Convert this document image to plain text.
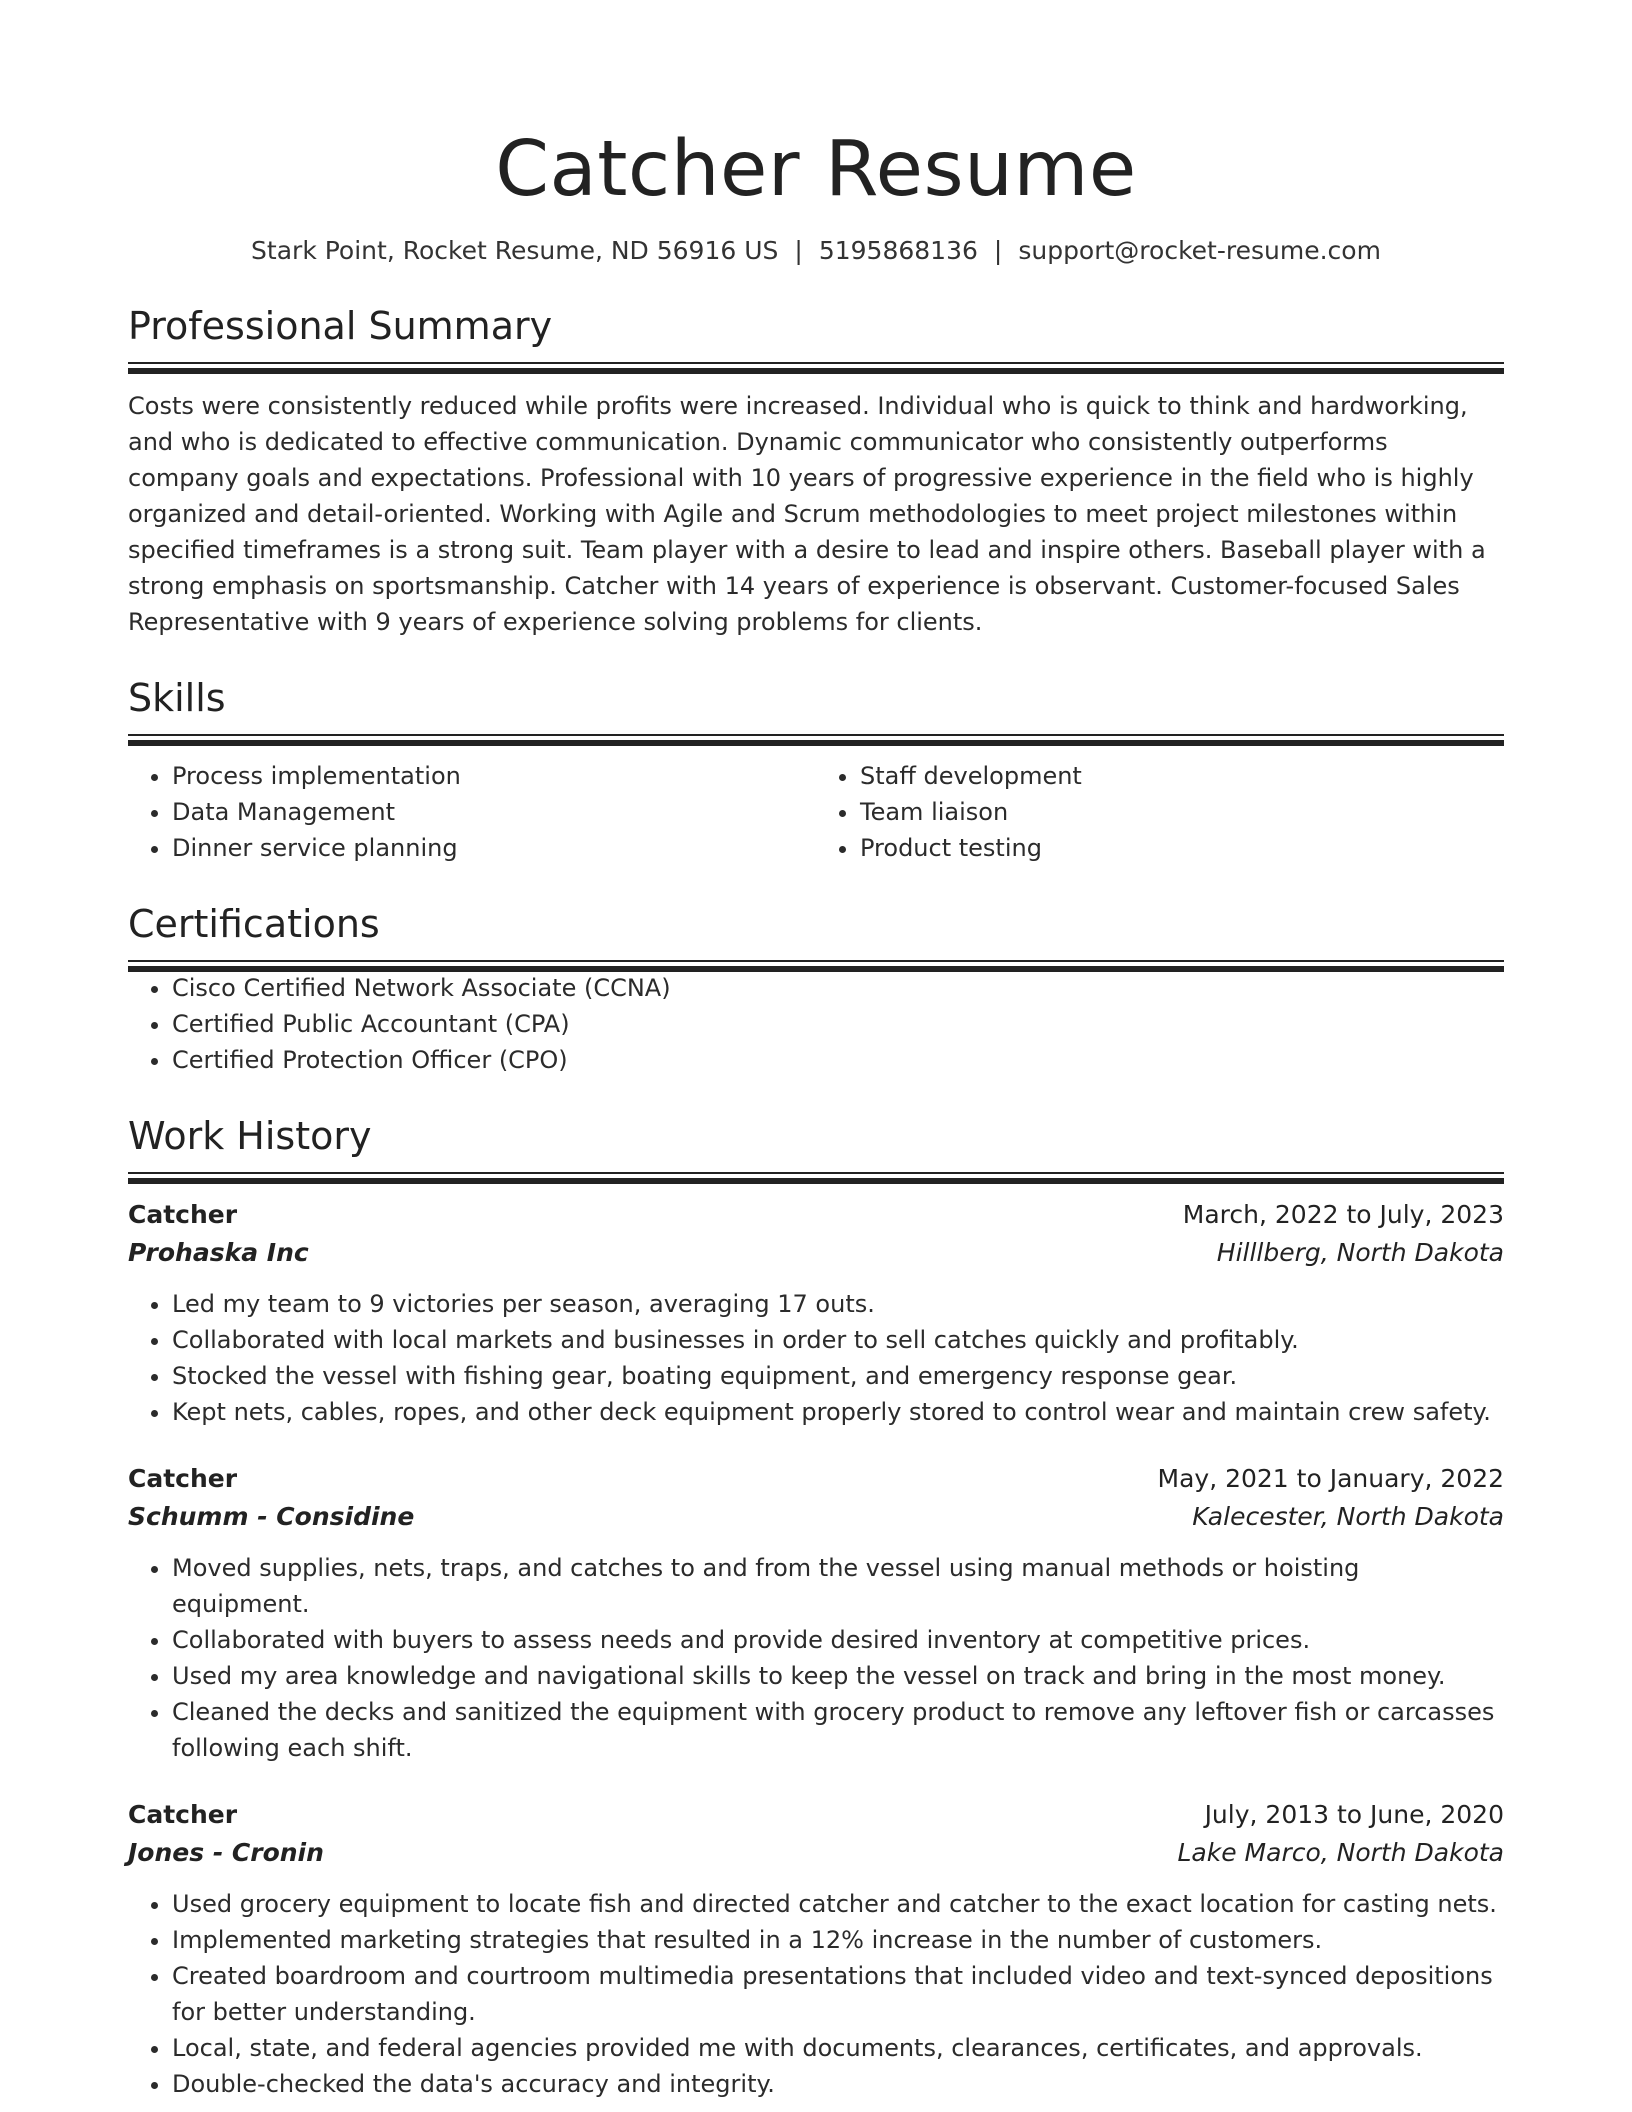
Catcher Resume
Stark Point, Rocket Resume, ND 56916 US | 5195868136 | support@rocket-resume.com
Professional Summary

Costs were consistently reduced while profits were increased. Individual who is quick to think and hardworking, and who is dedicated to effective communication. Dynamic communicator who consistently outperforms company goals and expectations. Professional with 10 years of progressive experience in the field who is highly organized and detail-oriented. Working with Agile and Scrum methodologies to meet project milestones within specified timeframes is a strong suit. Team player with a desire to lead and inspire others. Baseball player with a strong emphasis on sportsmanship. Catcher with 14 years of experience is observant. Customer-focused Sales Representative with 9 years of experience solving problems for clients.

Skills
• Process implementation
• Data Management
• Dinner service planning
• Staff development
• Team liaison
• Product testing
Certifications
• Cisco Certified Network Associate (CCNA)
• Certified Public Accountant (CPA)
• Certified Protection Officer (CPO)
Work History
Catcher	March, 2022 to July, 2023
Prohaska Inc	Hilllberg, North Dakota
• Led my team to 9 victories per season, averaging 17 outs.
• Collaborated with local markets and businesses in order to sell catches quickly and profitably.
• Stocked the vessel with fishing gear, boating equipment, and emergency response gear.
• Kept nets, cables, ropes, and other deck equipment properly stored to control wear and maintain crew safety.
Catcher	May, 2021 to January, 2022
Schumm - Considine	Kalecester, North Dakota
• Moved supplies, nets, traps, and catches to and from the vessel using manual methods or hoisting equipment.
• Collaborated with buyers to assess needs and provide desired inventory at competitive prices.
• Used my area knowledge and navigational skills to keep the vessel on track and bring in the most money.
• Cleaned the decks and sanitized the equipment with grocery product to remove any leftover fish or carcasses following each shift.
Catcher	July, 2013 to June, 2020
Jones - Cronin	Lake Marco, North Dakota
• Used grocery equipment to locate fish and directed catcher and catcher to the exact location for casting nets.
• Implemented marketing strategies that resulted in a 12% increase in the number of customers.
• Created boardroom and courtroom multimedia presentations that included video and text-synced depositions for better understanding.
• Local, state, and federal agencies provided me with documents, clearances, certificates, and approvals.
• Double-checked the data's accuracy and integrity.
